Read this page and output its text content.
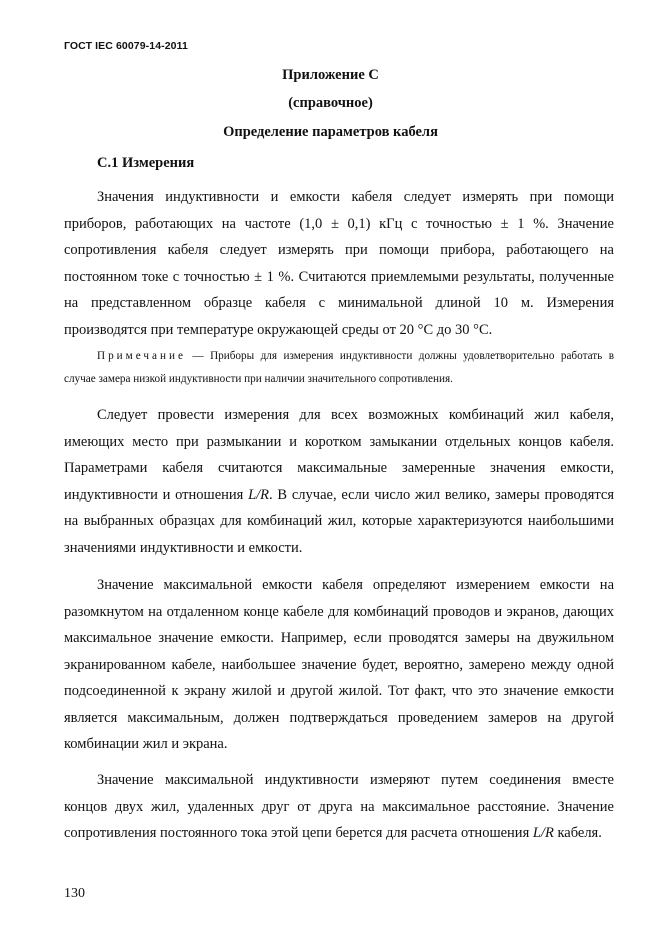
ГОСТ IEC 60079-14-2011
Приложение С
(справочное)
Определение параметров кабеля
С.1 Измерения

Значения индуктивности и емкости кабеля следует измерять при помощи приборов, работающих на частоте (1,0 ± 0,1) кГц с точностью ± 1 %. Значение сопротивления кабеля следует измерять при помощи прибора, работающего на постоянном токе с точностью ± 1 %. Считаются приемлемыми результаты, полученные на представленном образце кабеля с минимальной длиной 10 м. Измерения производятся при температуре окружающей среды от 20 °С до 30 °С.

Примечание — Приборы для измерения индуктивности должны удовлетворительно работать в случае замера низкой индуктивности при наличии значительного сопротивления.

Следует провести измерения для всех возможных комбинаций жил кабеля, имеющих место при размыкании и коротком замыкании отдельных концов кабеля. Параметрами кабеля считаются максимальные замеренные значения емкости, индуктивности и отношения L/R. В случае, если число жил велико, замеры проводятся на выбранных образцах для комбинаций жил, которые характеризуются наибольшими значениями индуктивности и емкости.

Значение максимальной емкости кабеля определяют измерением емкости на разомкнутом на отдаленном конце кабеле для комбинаций проводов и экранов, дающих максимальное значение емкости. Например, если проводятся замеры на двужильном экранированном кабеле, наибольшее значение будет, вероятно, замерено между одной подсоединенной к экрану жилой и другой жилой. Тот факт, что это значение емкости является максимальным, должен подтверждаться проведением замеров на другой комбинации жил и экрана.

Значение максимальной индуктивности измеряют путем соединения вместе концов двух жил, удаленных друг от друга на максимальное расстояние. Значение сопротивления постоянного тока этой цепи берется для расчета отношения L/R кабеля.

130
